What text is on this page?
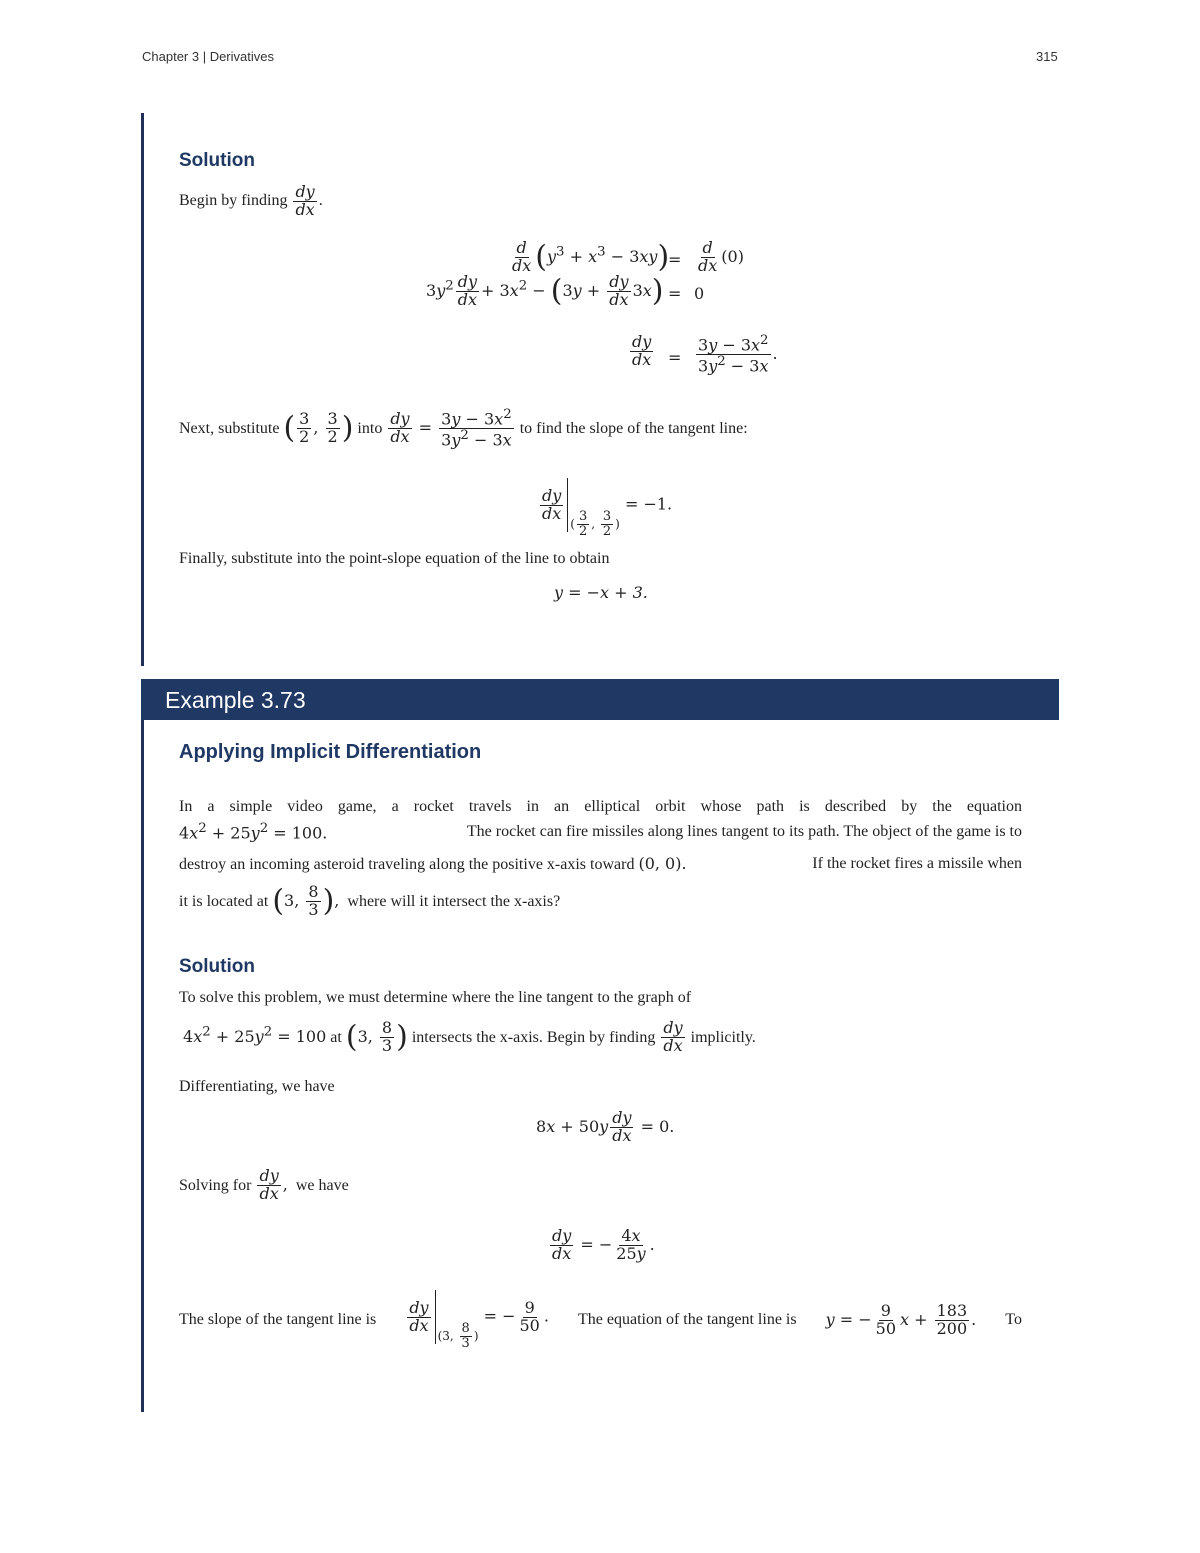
Chapter 3 | Derivatives	315
Solution
Begin by finding $\frac{dy}{dx}$ .
$\frac{d}{dx} (y^3 + x^3 - 3xy)$
= $\frac{d}{dx} (0)$
$3y^2 \frac{dy}{dx} + 3x^2 - (3y + \frac{dy}{dx} 3x) = 0$
$\frac{dy}{dx} = \frac{3y - 3x^2}{3y^2 - 3x}$ .
Next, substitute ( $\frac{3}{2}$ , $\frac{3}{2}$ ) into $\frac{dy}{dx} = \frac{3y - 3x^2}{3y^2 - 3x}$ to find the slope of the tangent line:
$\frac{dy}{dx}$
$_{( \frac{3}{2} , \frac{3}{2} )}$ = −1.
Finally, substitute into the point-slope equation of the line to obtain
y = −x + 3.
Example 3.73
Applying Implicit Differentiation
In a simple video game, a rocket travels in an elliptical orbit whose path is described by the equation
$4x^2 + 25y^2 = 100$.	The rocket can fire missiles along lines tangent to its path. The object of the game is to
destroy an incoming asteroid traveling along the positive x-axis toward (0, 0).	If the rocket fires a missile when
it is located at (3, $\frac{8}{3}$ ), where will it intersect the x-axis?
Solution
To solve this problem, we must determine where the line tangent to the graph of
$4x^2 + 25y^2 = 100$ at (3, $\frac{8}{3}$ ) intersects the x-axis. Begin by finding $\frac{dy}{dx}$ implicitly.
Differentiating, we have
$8x + 50y \frac{dy}{dx} = 0$.
Solving for $\frac{dy}{dx}$ , we have
$\frac{dy}{dx}$ = − $\frac{4x}{25y}$ .
The slope of the tangent line is $\frac{dy}{dx}$
$_{(3, \frac{8}{3} )}$ = − $\frac{9}{50}$ . The equation of the tangent line is y = − $\frac{9}{50}$ $x + \frac{183}{200}$ . To
